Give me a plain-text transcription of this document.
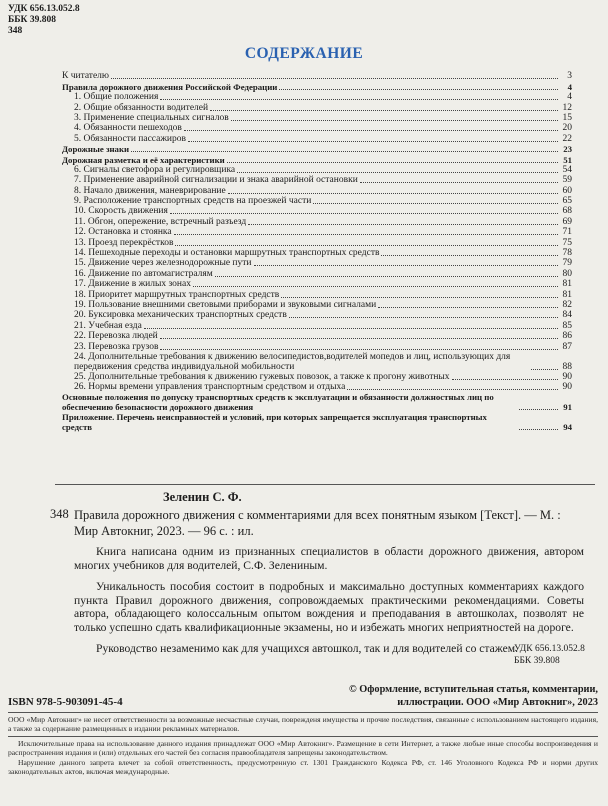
УДК 656.13.052.8
ББК 39.808
348
СОДЕРЖАНИЕ
К читателю	3
Правила дорожного движения Российской Федерации	4
1. Общие положения	4
2. Общие обязанности водителей	12
3. Применение специальных сигналов	15
4. Обязанности пешеходов	20
5. Обязанности пассажиров	22
Дорожные знаки	23
Дорожная разметка и её характеристики	51
6. Сигналы светофора и регулировщика	54
7. Применение аварийной сигнализации и знака аварийной остановки	59
8. Начало движения, маневрирование	60
9. Расположение транспортных средств на проезжей части	65
10. Скорость движения	68
11. Обгон, опережение, встречный разъезд	69
12. Остановка и стоянка	71
13. Проезд перекрёстков	75
14. Пешеходные переходы и остановки маршрутных транспортных средств	78
15. Движение через железнодорожные пути	79
16. Движение по автомагистралям	80
17. Движение в жилых зонах	81
18. Приоритет маршрутных транспортных средств	81
19. Пользование внешними световыми приборами и звуковыми сигналами	82
20. Буксировка механических транспортных средств	84
21. Учебная езда	85
22. Перевозка людей	86
23. Перевозка грузов	87
24. Дополнительные требования к движению велосипедистов,водителей мопедов и лиц, использующих для передвижения средства индивидуальной мобильности	88
25. Дополнительные требования к движению гужевых повозок, а также к прогону животных	90
26. Нормы времени управления транспортным средством и отдыха	90
Основные положения по допуску транспортных средств к эксплуатации и обязанности должностных лиц по обеспечению безопасности дорожного движения	91
Приложение. Перечень неисправностей и условий, при которых запрещается эксплуатация транспортных средств	94
Зеленин С. Ф.
348 Правила дорожного движения с комментариями для всех понятным языком [Текст]. — М. : Мир Автокниг, 2023. — 96 с. : ил.

Книга написана одним из признанных специалистов в области дорожного движения, автором многих учебников для водителей, С.Ф. Зелениным.

Уникальность пособия состоит в подробных и максимально доступных комментариях каждого пункта Правил дорожного движения, сопровождаемых практическими рекомендациями. Советы автора, обладающего колоссальным опытом вождения и преподавания в автошколах, позволят не только успешно сдать квалификационные экзамены, но и избежать многих неприятностей на дороге.

Руководство незаменимо как для учащихся автошкол, так и для водителей со стажем.

УДК 656.13.052.8
ББК 39.808
ISBN 978-5-903091-45-4
© Оформление, вступительная статья, комментарии, иллюстрации. ООО «Мир Автокниг», 2023
ООО «Мир Автокниг» не несет ответственности за возможные несчастные случаи, поврежденя имущества и прочие последствия, связанные с использованием настоящего издания, а также за содержание размещенных в издании рекламных материалов.

Исключительные права на использование данного издания принадлежат ООО «Мир Автокниг». Размещение в сети Интернет, а также любые иные способы воспроизведения и распространения издания и (или) отдельных его частей без согласия правообладателя запрещены законодательством.

Нарушение данного запрета влечет за собой ответственность, предусмотренную ст. 1301 Гражданского Кодекса РФ, ст. 146 Уголовного Кодекса РФ и норми других законодательных актов, включая международные.
